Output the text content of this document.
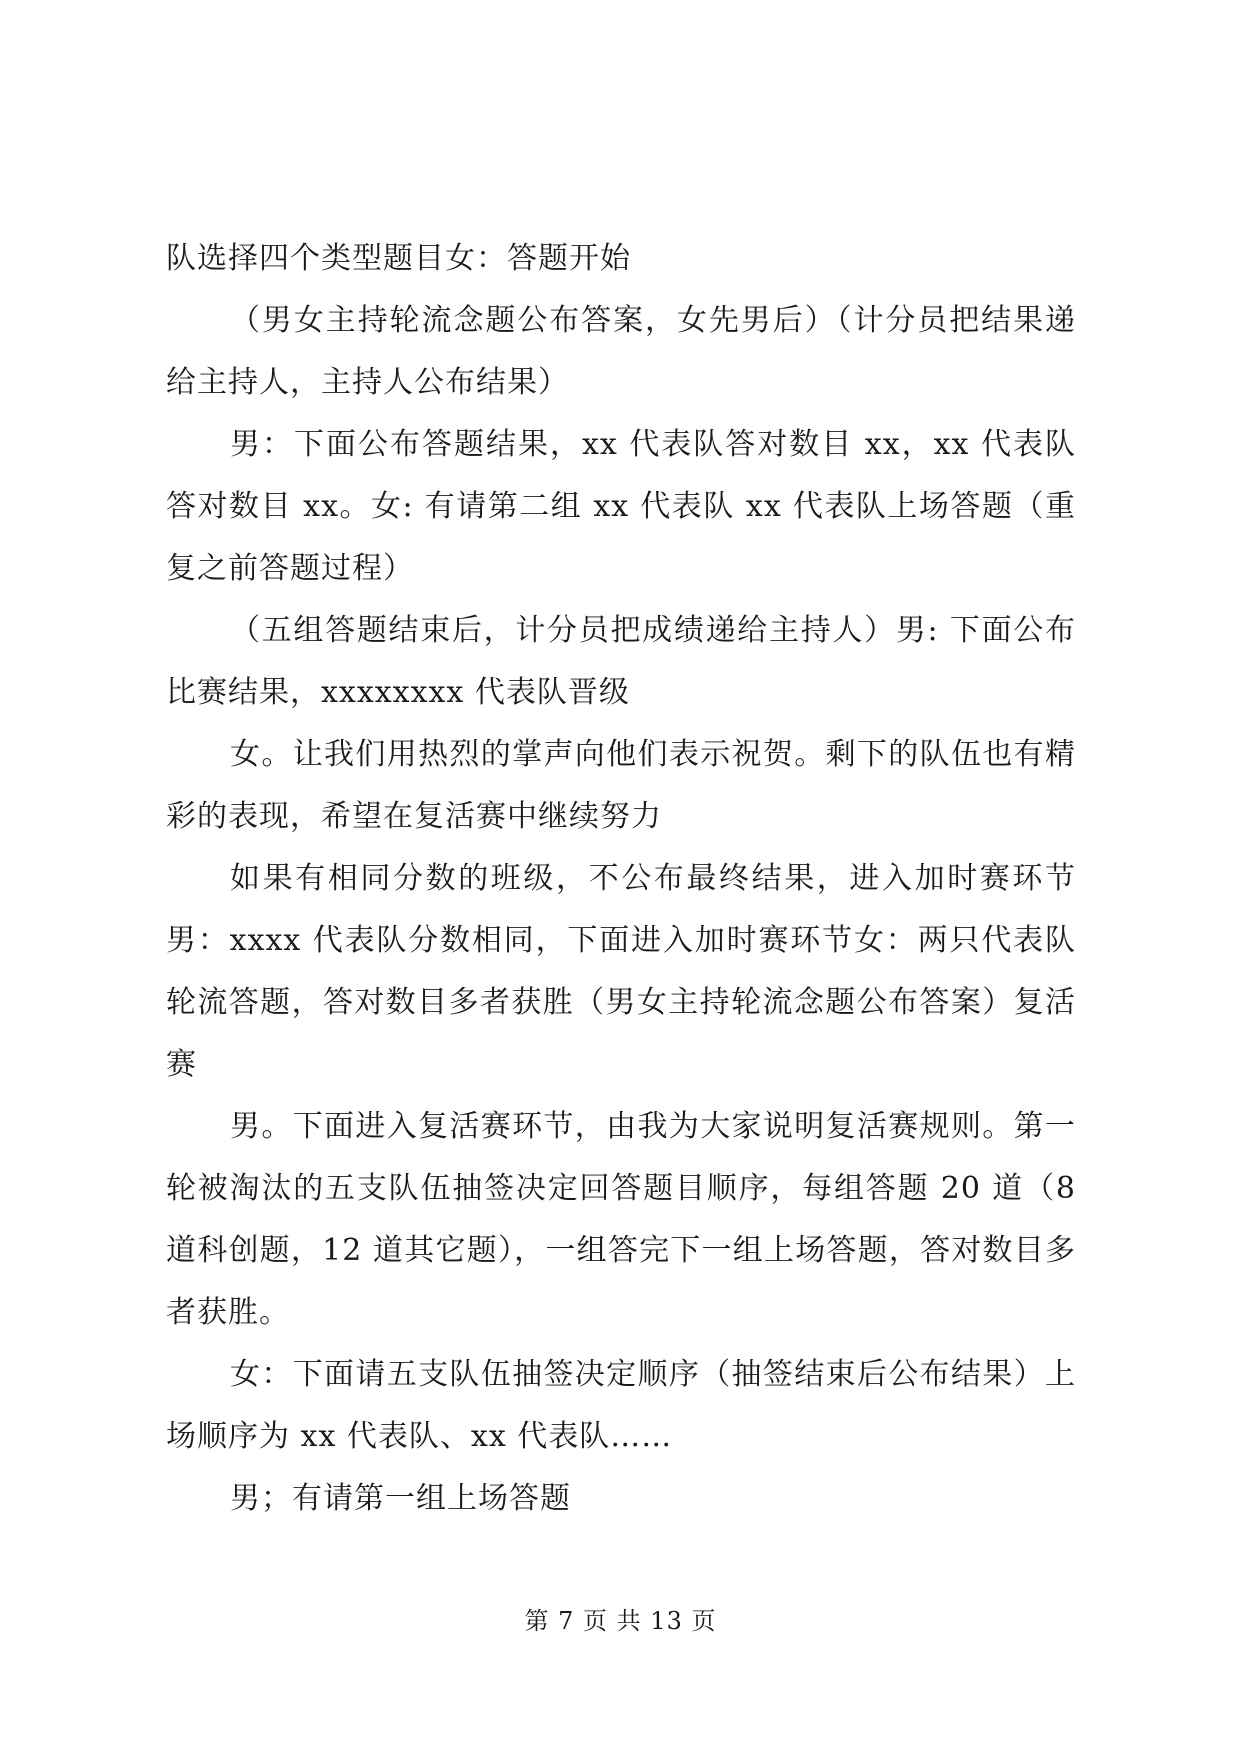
队选择四个类型题目女：答题开始

（男女主持轮流念题公布答案，女先男后）（计分员把结果递给主持人，主持人公布结果）

男：下面公布答题结果，xx 代表队答对数目 xx，xx 代表队答对数目 xx。女: 有请第二组 xx 代表队 xx 代表队上场答题（重复之前答题过程）

（五组答题结束后，计分员把成绩递给主持人）男: 下面公布比赛结果，xxxxxxxx 代表队晋级

女。让我们用热烈的掌声向他们表示祝贺。剩下的队伍也有精彩的表现，希望在复活赛中继续努力

如果有相同分数的班级，不公布最终结果，进入加时赛环节男：xxxx 代表队分数相同，下面进入加时赛环节女：两只代表队轮流答题，答对数目多者获胜（男女主持轮流念题公布答案）复活赛

男。下面进入复活赛环节，由我为大家说明复活赛规则。第一轮被淘汰的五支队伍抽签决定回答题目顺序，每组答题 20 道（8 道科创题，12 道其它题），一组答完下一组上场答题，答对数目多者获胜。

女：下面请五支队伍抽签决定顺序（抽签结束后公布结果）上场顺序为 xx 代表队、xx 代表队……

男；有请第一组上场答题

第 7 页 共 13 页
